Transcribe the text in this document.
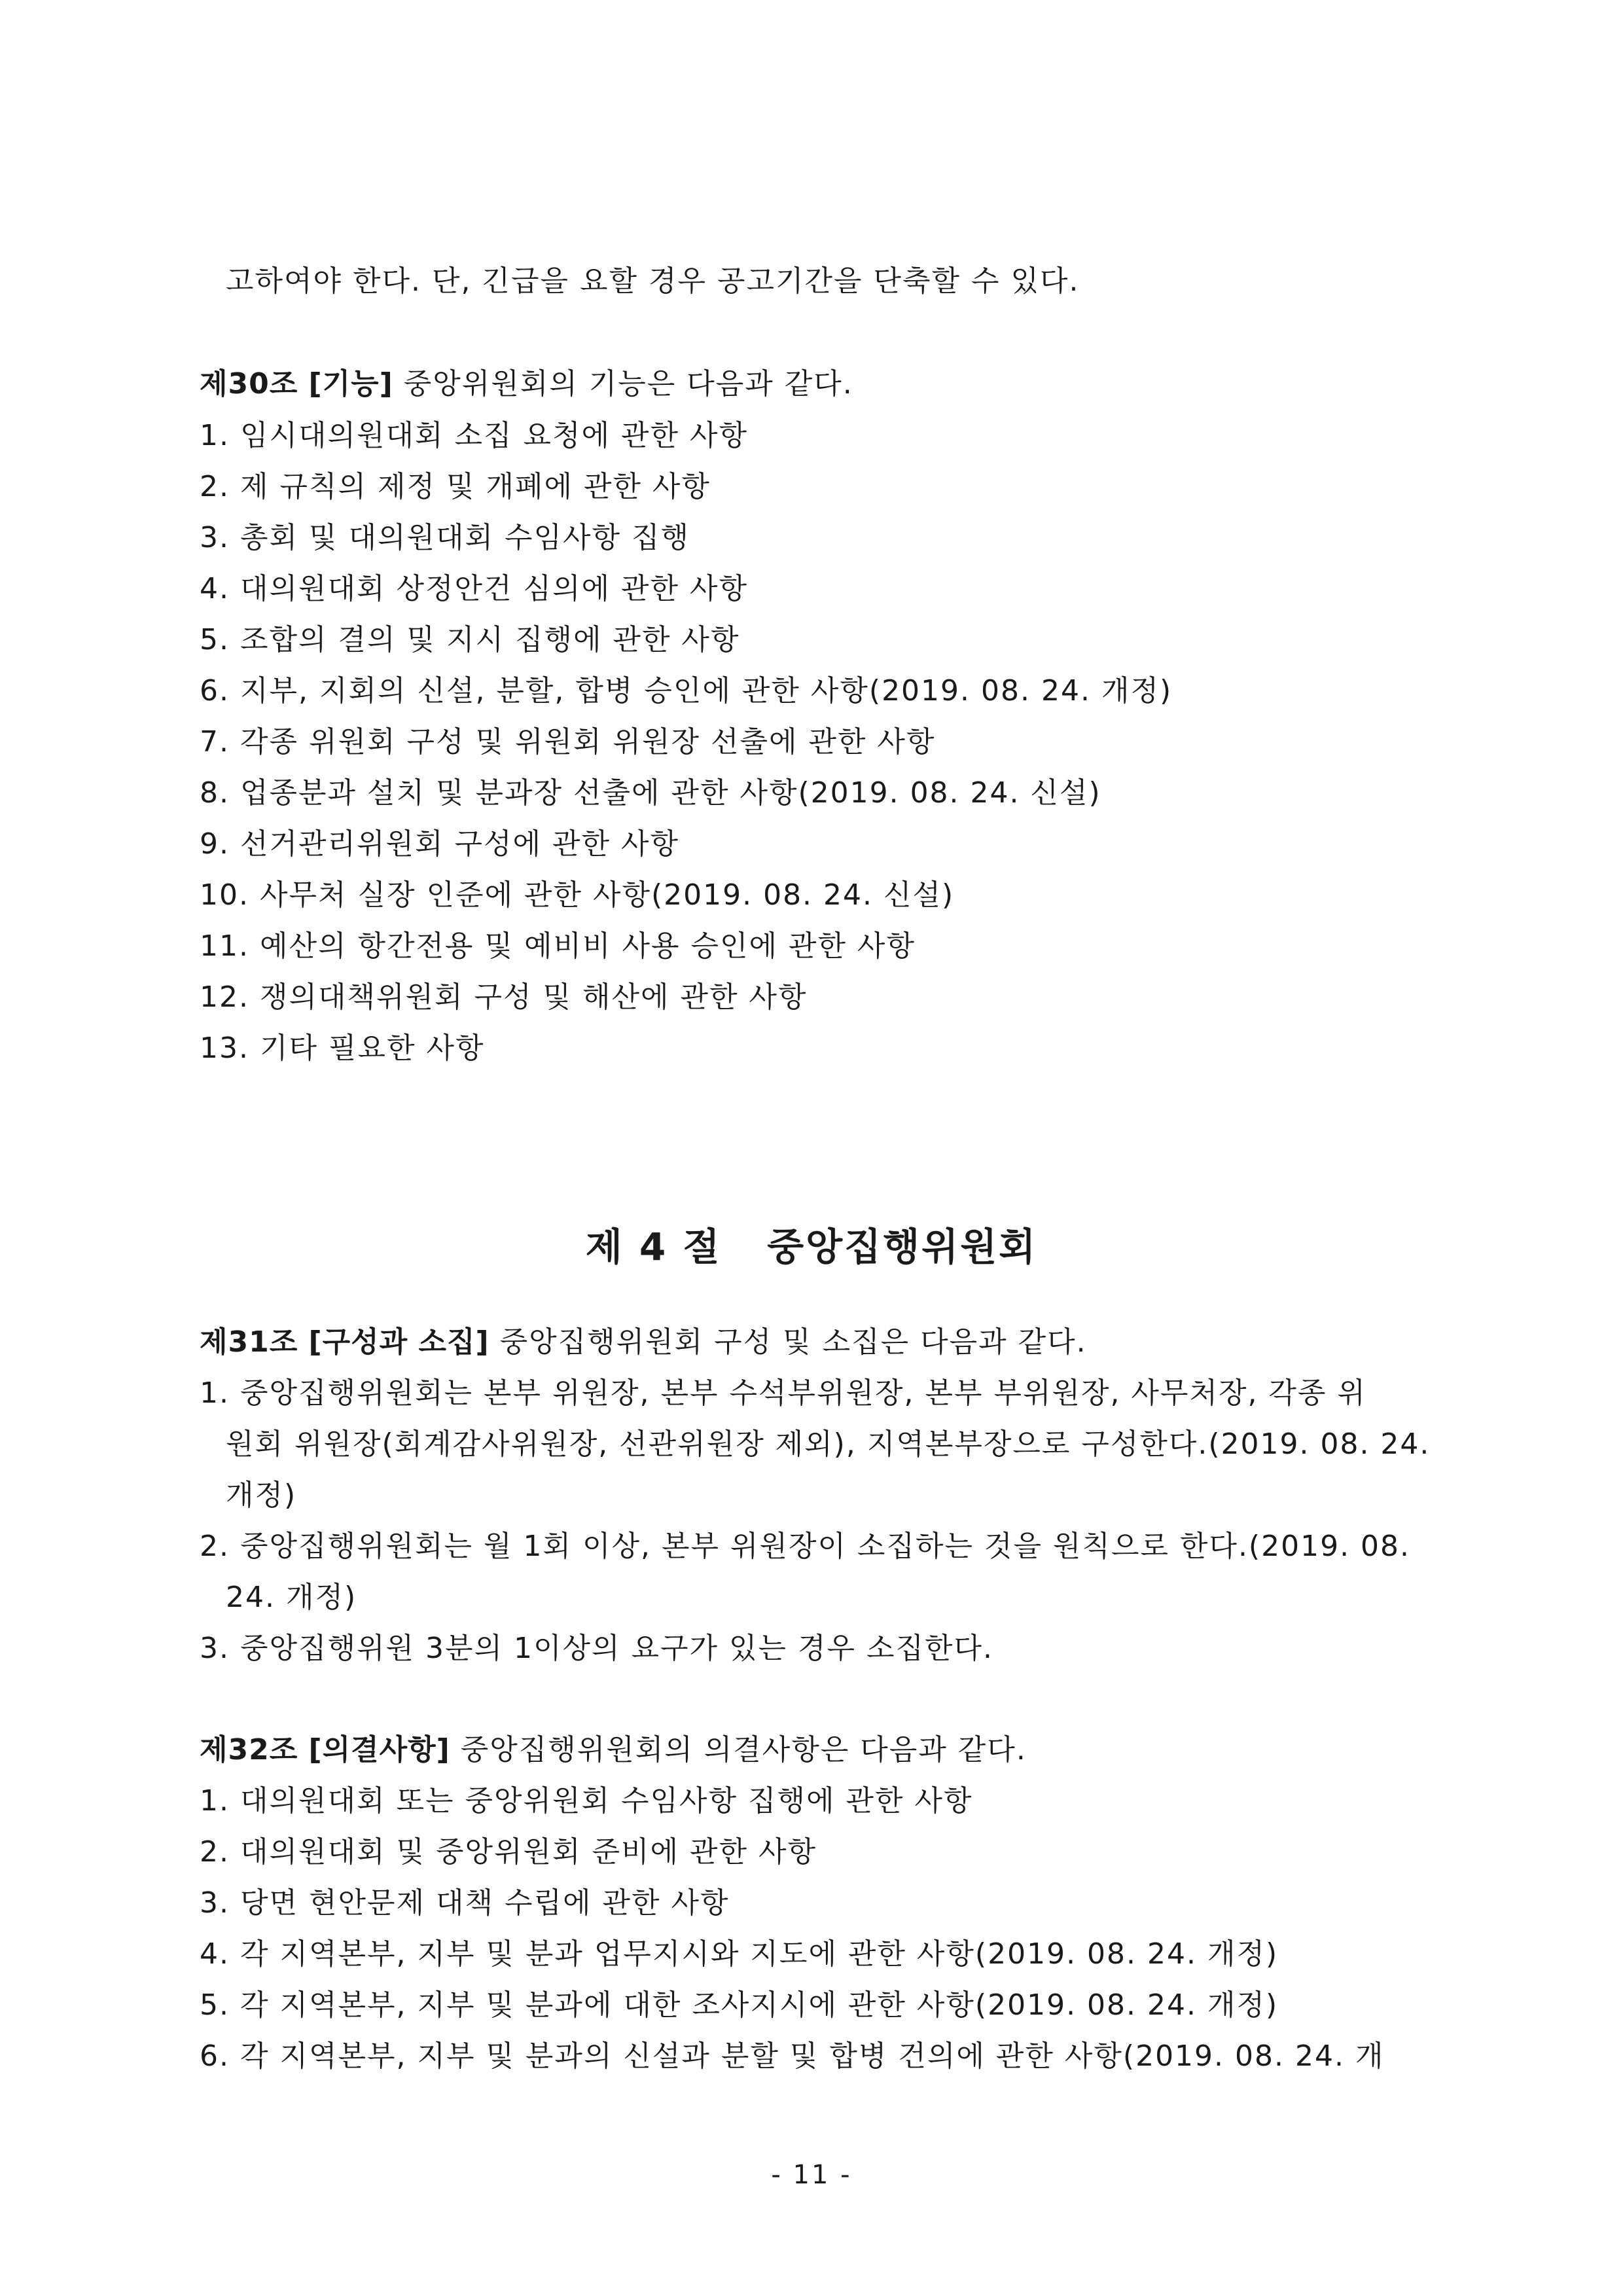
고하여야 한다. 단, 긴급을 요할 경우 공고기간을 단축할 수 있다.

제30조 [기능] 중앙위원회의 기능은 다음과 같다.

1. 임시대의원대회 소집 요청에 관한 사항

2. 제 규칙의 제정 및 개폐에 관한 사항

3. 총회 및 대의원대회 수임사항 집행

4. 대의원대회 상정안건 심의에 관한 사항

5. 조합의 결의 및 지시 집행에 관한 사항

6. 지부, 지회의 신설, 분할, 합병 승인에 관한 사항(2019. 08. 24. 개정)

7. 각종 위원회 구성 및 위원회 위원장 선출에 관한 사항

8. 업종분과 설치 및 분과장 선출에 관한 사항(2019. 08. 24. 신설)

9. 선거관리위원회 구성에 관한 사항

10. 사무처 실장 인준에 관한 사항(2019. 08. 24. 신설)

11. 예산의 항간전용 및 예비비 사용 승인에 관한 사항

12. 쟁의대책위원회 구성 및 해산에 관한 사항

13. 기타 필요한 사항

제 4 절   중앙집행위원회

제31조 [구성과 소집] 중앙집행위원회 구성 및 소집은 다음과 같다.

1. 중앙집행위원회는 본부 위원장, 본부 수석부위원장, 본부 부위원장, 사무처장, 각종 위

원회 위원장(회계감사위원장, 선관위원장 제외), 지역본부장으로 구성한다.(2019. 08. 24.

개정)

2. 중앙집행위원회는 월 1회 이상, 본부 위원장이 소집하는 것을 원칙으로 한다.(2019. 08.

24. 개정)

3. 중앙집행위원 3분의 1이상의 요구가 있는 경우 소집한다.

제32조 [의결사항] 중앙집행위원회의 의결사항은 다음과 같다.

1. 대의원대회 또는 중앙위원회 수임사항 집행에 관한 사항

2. 대의원대회 및 중앙위원회 준비에 관한 사항

3. 당면 현안문제 대책 수립에 관한 사항

4. 각 지역본부, 지부 및 분과 업무지시와 지도에 관한 사항(2019. 08. 24. 개정)

5. 각 지역본부, 지부 및 분과에 대한 조사지시에 관한 사항(2019. 08. 24. 개정)

6. 각 지역본부, 지부 및 분과의 신설과 분할 및 합병 건의에 관한 사항(2019. 08. 24. 개

- 11 -
